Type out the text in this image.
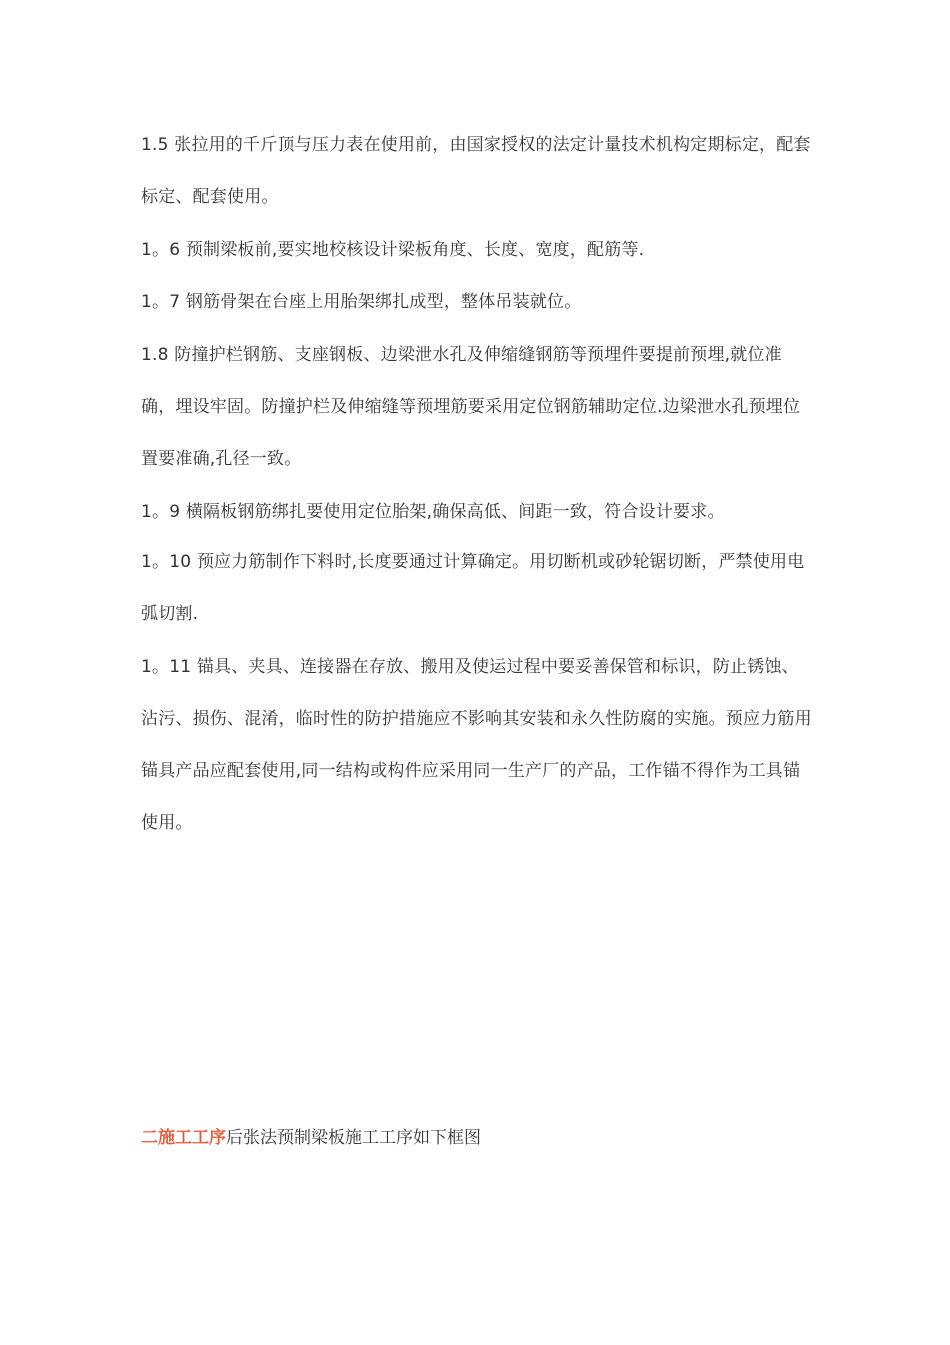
1.5 张拉用的千斤顶与压力表在使用前，由国家授权的法定计量技术机构定期标定，配套标定、配套使用。

1。6 预制梁板前,要实地校核设计梁板角度、长度、宽度，配筋等.

1。7 钢筋骨架在台座上用胎架绑扎成型，整体吊装就位。

1.8 防撞护栏钢筋、支座钢板、边梁泄水孔及伸缩缝钢筋等预埋件要提前预埋,就位准确，埋设牢固。防撞护栏及伸缩缝等预埋筋要采用定位钢筋辅助定位.边梁泄水孔预埋位置要准确,孔径一致。

1。9 横隔板钢筋绑扎要使用定位胎架,确保高低、间距一致，符合设计要求。

1。10 预应力筋制作下料时,长度要通过计算确定。用切断机或砂轮锯切断，严禁使用电弧切割.

1。11 锚具、夹具、连接器在存放、搬用及使运过程中要妥善保管和标识，防止锈蚀、沾污、损伤、混淆，临时性的防护措施应不影响其安装和永久性防腐的实施。预应力筋用锚具产品应配套使用,同一结构或构件应采用同一生产厂的产品，工作锚不得作为工具锚使用。

二施工工序后张法预制梁板施工工序如下框图
